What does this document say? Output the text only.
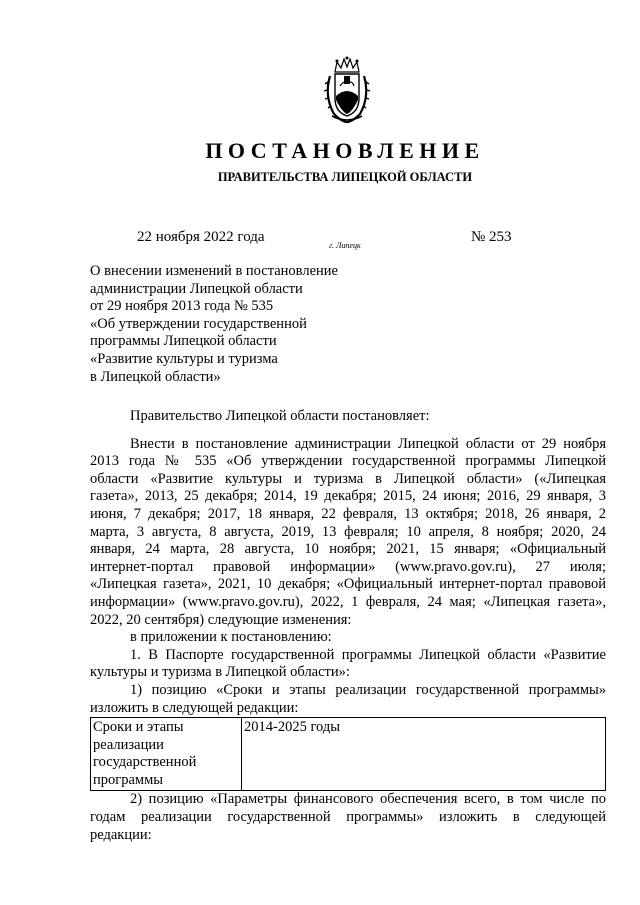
ПОСТАНОВЛЕНИЕ
ПРАВИТЕЛЬСТВА ЛИПЕЦКОЙ ОБЛАСТИ
22 ноября 2022 года
г. Липецк
№ 253
О внесении изменений в постановление
администрации Липецкой области
от 29 ноября 2013 года № 535
«Об утверждении государственной
программы Липецкой области
«Развитие культуры и туризма
в Липецкой области»
Правительство Липецкой области постановляет:
Внести в постановление администрации Липецкой области от 29 ноября
2013 года № 535 «Об утверждении государственной программы Липецкой
области «Развитие культуры и туризма в Липецкой области» («Липецкая
газета», 2013, 25 декабря; 2014, 19 декабря; 2015, 24 июня; 2016, 29 января, 3
июня, 7 декабря; 2017, 18 января, 22 февраля, 13 октября; 2018, 26 января, 2
марта, 3 августа, 8 августа, 2019, 13 февраля; 10 апреля, 8 ноября; 2020, 24
января, 24 марта, 28 августа, 10 ноября; 2021, 15 января; «Официальный
интернет-портал правовой информации» (www.pravo.gov.ru), 27 июля;
«Липецкая газета», 2021, 10 декабря; «Официальный интернет-портал правовой
информации» (www.pravo.gov.ru), 2022, 1 февраля, 24 мая; «Липецкая газета»,
2022, 20 сентября) следующие изменения:
в приложении к постановлению:
1. В Паспорте государственной программы Липецкой области «Развитие
культуры и туризма в Липецкой области»:
1) позицию «Сроки и этапы реализации государственной программы»
изложить в следующей редакции:
Сроки и этапы
реализации
государственной
программы
	2014-2025 годы
2) позицию «Параметры финансового обеспечения всего, в том числе по
годам реализации государственной программы» изложить в следующей
редакции:
